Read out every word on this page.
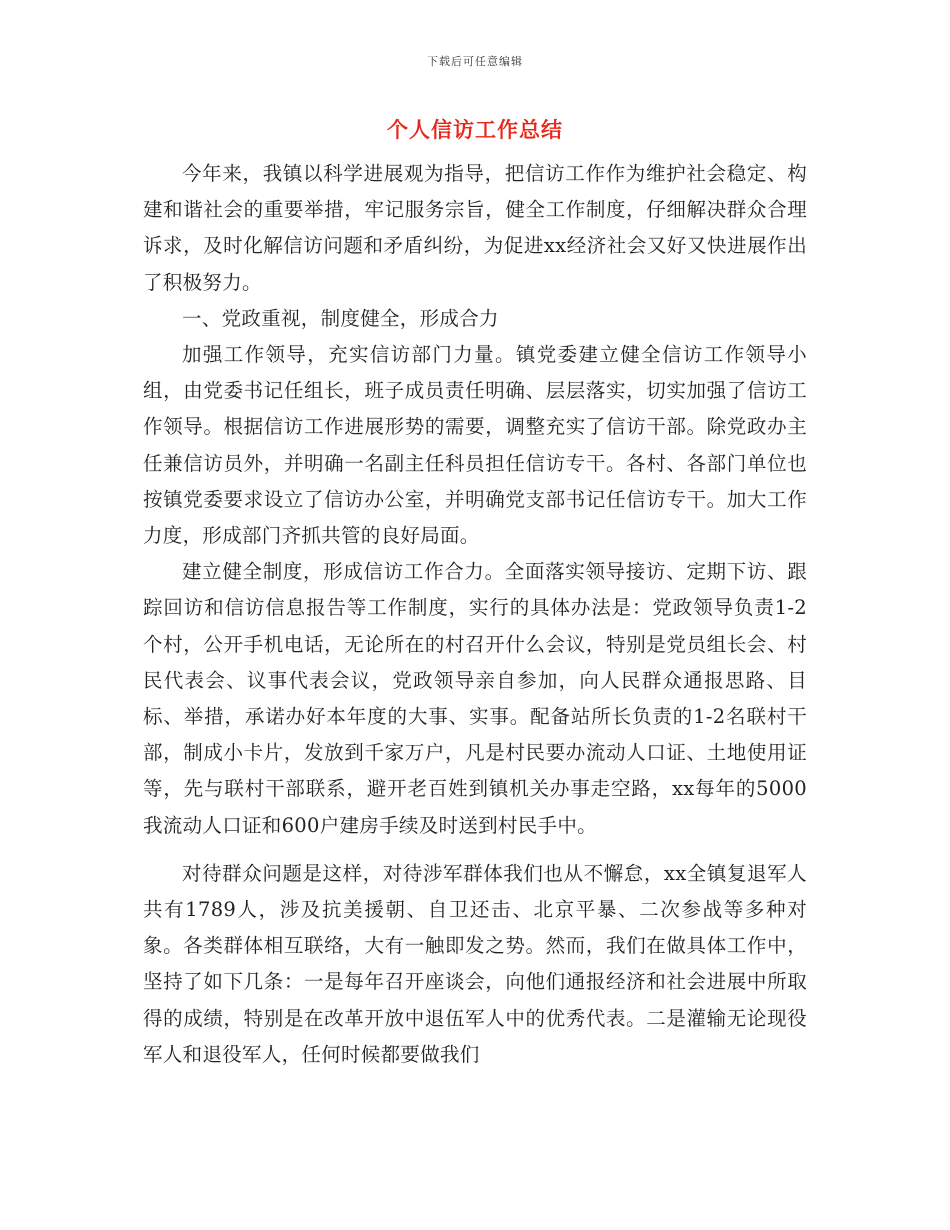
下载后可任意编辑
个人信访工作总结

今年来，我镇以科学进展观为指导，把信访工作作为维护社会稳定、构建和谐社会的重要举措，牢记服务宗旨，健全工作制度，仔细解决群众合理诉求，及时化解信访问题和矛盾纠纷，为促进xx经济社会又好又快进展作出了积极努力。

一、党政重视，制度健全，形成合力

加强工作领导，充实信访部门力量。镇党委建立健全信访工作领导小组，由党委书记任组长，班子成员责任明确、层层落实，切实加强了信访工作领导。根据信访工作进展形势的需要，调整充实了信访干部。除党政办主任兼信访员外，并明确一名副主任科员担任信访专干。各村、各部门单位也按镇党委要求设立了信访办公室，并明确党支部书记任信访专干。加大工作力度，形成部门齐抓共管的良好局面。

建立健全制度，形成信访工作合力。全面落实领导接访、定期下访、跟踪回访和信访信息报告等工作制度，实行的具体办法是：党政领导负责1-2个村，公开手机电话，无论所在的村召开什么会议，特别是党员组长会、村民代表会、议事代表会议，党政领导亲自参加，向人民群众通报思路、目标、举措，承诺办好本年度的大事、实事。配备站所长负责的1-2名联村干部，制成小卡片，发放到千家万户，凡是村民要办流动人口证、土地使用证等，先与联村干部联系，避开老百姓到镇机关办事走空路，xx每年的5000我流动人口证和600户建房手续及时送到村民手中。

对待群众问题是这样，对待涉军群体我们也从不懈怠，xx全镇复退军人共有1789人，涉及抗美援朝、自卫还击、北京平暴、二次参战等多种对象。各类群体相互联络，大有一触即发之势。然而，我们在做具体工作中，坚持了如下几条：一是每年召开座谈会，向他们通报经济和社会进展中所取得的成绩，特别是在改革开放中退伍军人中的优秀代表。二是灌输无论现役军人和退役军人，任何时候都要做我们
